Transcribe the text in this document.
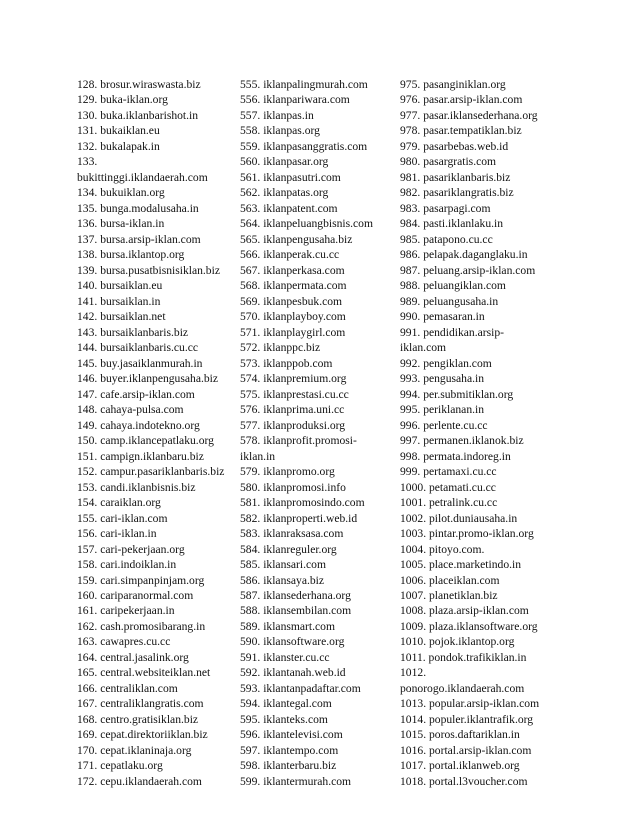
128. brosur.wiraswasta.biz
129. buka-iklan.org
130. buka.iklanbarishot.in
131. bukaiklan.eu
132. bukalapak.in
133.
bukittinggi.iklandaerah.com
134. bukuiklan.org
135. bunga.modalusaha.in
136. bursa-iklan.in
137. bursa.arsip-iklan.com
138. bursa.iklantop.org
139. bursa.pusatbisnisiklan.biz
140. bursaiklan.eu
141. bursaiklan.in
142. bursaiklan.net
143. bursaiklanbaris.biz
144. bursaiklanbaris.cu.cc
145. buy.jasaiklanmurah.in
146. buyer.iklanpengusaha.biz
147. cafe.arsip-iklan.com
148. cahaya-pulsa.com
149. cahaya.indotekno.org
150. camp.iklancepatlaku.org
151. campign.iklanbaru.biz
152. campur.pasariklanbaris.biz
153. candi.iklanbisnis.biz
154. caraiklan.org
155. cari-iklan.com
156. cari-iklan.in
157. cari-pekerjaan.org
158. cari.indoiklan.in
159. cari.simpanpinjam.org
160. cariparanormal.com
161. caripekerjaan.in
162. cash.promosibarang.in
163. cawapres.cu.cc
164. central.jasalink.org
165. central.websiteiklan.net
166. centraliklan.com
167. centraliklangratis.com
168. centro.gratisiklan.biz
169. cepat.direktoriiklan.biz
170. cepat.iklaninaja.org
171. cepatlaku.org
172. cepu.iklandaerah.com
555. iklanpalingmurah.com
556. iklanpariwara.com
557. iklanpas.in
558. iklanpas.org
559. iklanpasanggratis.com
560. iklanpasar.org
561. iklanpasutri.com
562. iklanpatas.org
563. iklanpatent.com
564. iklanpeluangbisnis.com
565. iklanpengusaha.biz
566. iklanperak.cu.cc
567. iklanperkasa.com
568. iklanpermata.com
569. iklanpesbuk.com
570. iklanplayboy.com
571. iklanplaygirl.com
572. iklanppc.biz
573. iklanppob.com
574. iklanpremium.org
575. iklanprestasi.cu.cc
576. iklanprima.uni.cc
577. iklanproduksi.org
578. iklanprofit.promosi-
iklan.in
579. iklanpromo.org
580. iklanpromosi.info
581. iklanpromosindo.com
582. iklanproperti.web.id
583. iklanraksasa.com
584. iklanreguler.org
585. iklansari.com
586. iklansaya.biz
587. iklansederhana.org
588. iklansembilan.com
589. iklansmart.com
590. iklansoftware.org
591. iklanster.cu.cc
592. iklantanah.web.id
593. iklantanpadaftar.com
594. iklantegal.com
595. iklanteks.com
596. iklantelevisi.com
597. iklantempo.com
598. iklanterbaru.biz
599. iklantermurah.com
975. pasanginiklan.org
976. pasar.arsip-iklan.com
977. pasar.iklansederhana.org
978. pasar.tempatiklan.biz
979. pasarbebas.web.id
980. pasargratis.com
981. pasariklanbaris.biz
982. pasariklangratis.biz
983. pasarpagi.com
984. pasti.iklanlaku.in
985. patapono.cu.cc
986. pelapak.daganglaku.in
987. peluang.arsip-iklan.com
988. peluangiklan.com
989. peluangusaha.in
990. pemasaran.in
991. pendidikan.arsip-
iklan.com
992. pengiklan.com
993. pengusaha.in
994. per.submitiklan.org
995. periklanan.in
996. perlente.cu.cc
997. permanen.iklanok.biz
998. permata.indoreg.in
999. pertamaxi.cu.cc
1000. petamati.cu.cc
1001. petralink.cu.cc
1002. pilot.duniausaha.in
1003. pintar.promo-iklan.org
1004. pitoyo.com.
1005. place.marketindo.in
1006. placeiklan.com
1007. planetiklan.biz
1008. plaza.arsip-iklan.com
1009. plaza.iklansoftware.org
1010. pojok.iklantop.org
1011. pondok.trafikiklan.in
1012.
ponorogo.iklandaerah.com
1013. popular.arsip-iklan.com
1014. populer.iklantrafik.org
1015. poros.daftariklan.in
1016. portal.arsip-iklan.com
1017. portal.iklanweb.org
1018. portal.l3voucher.com
